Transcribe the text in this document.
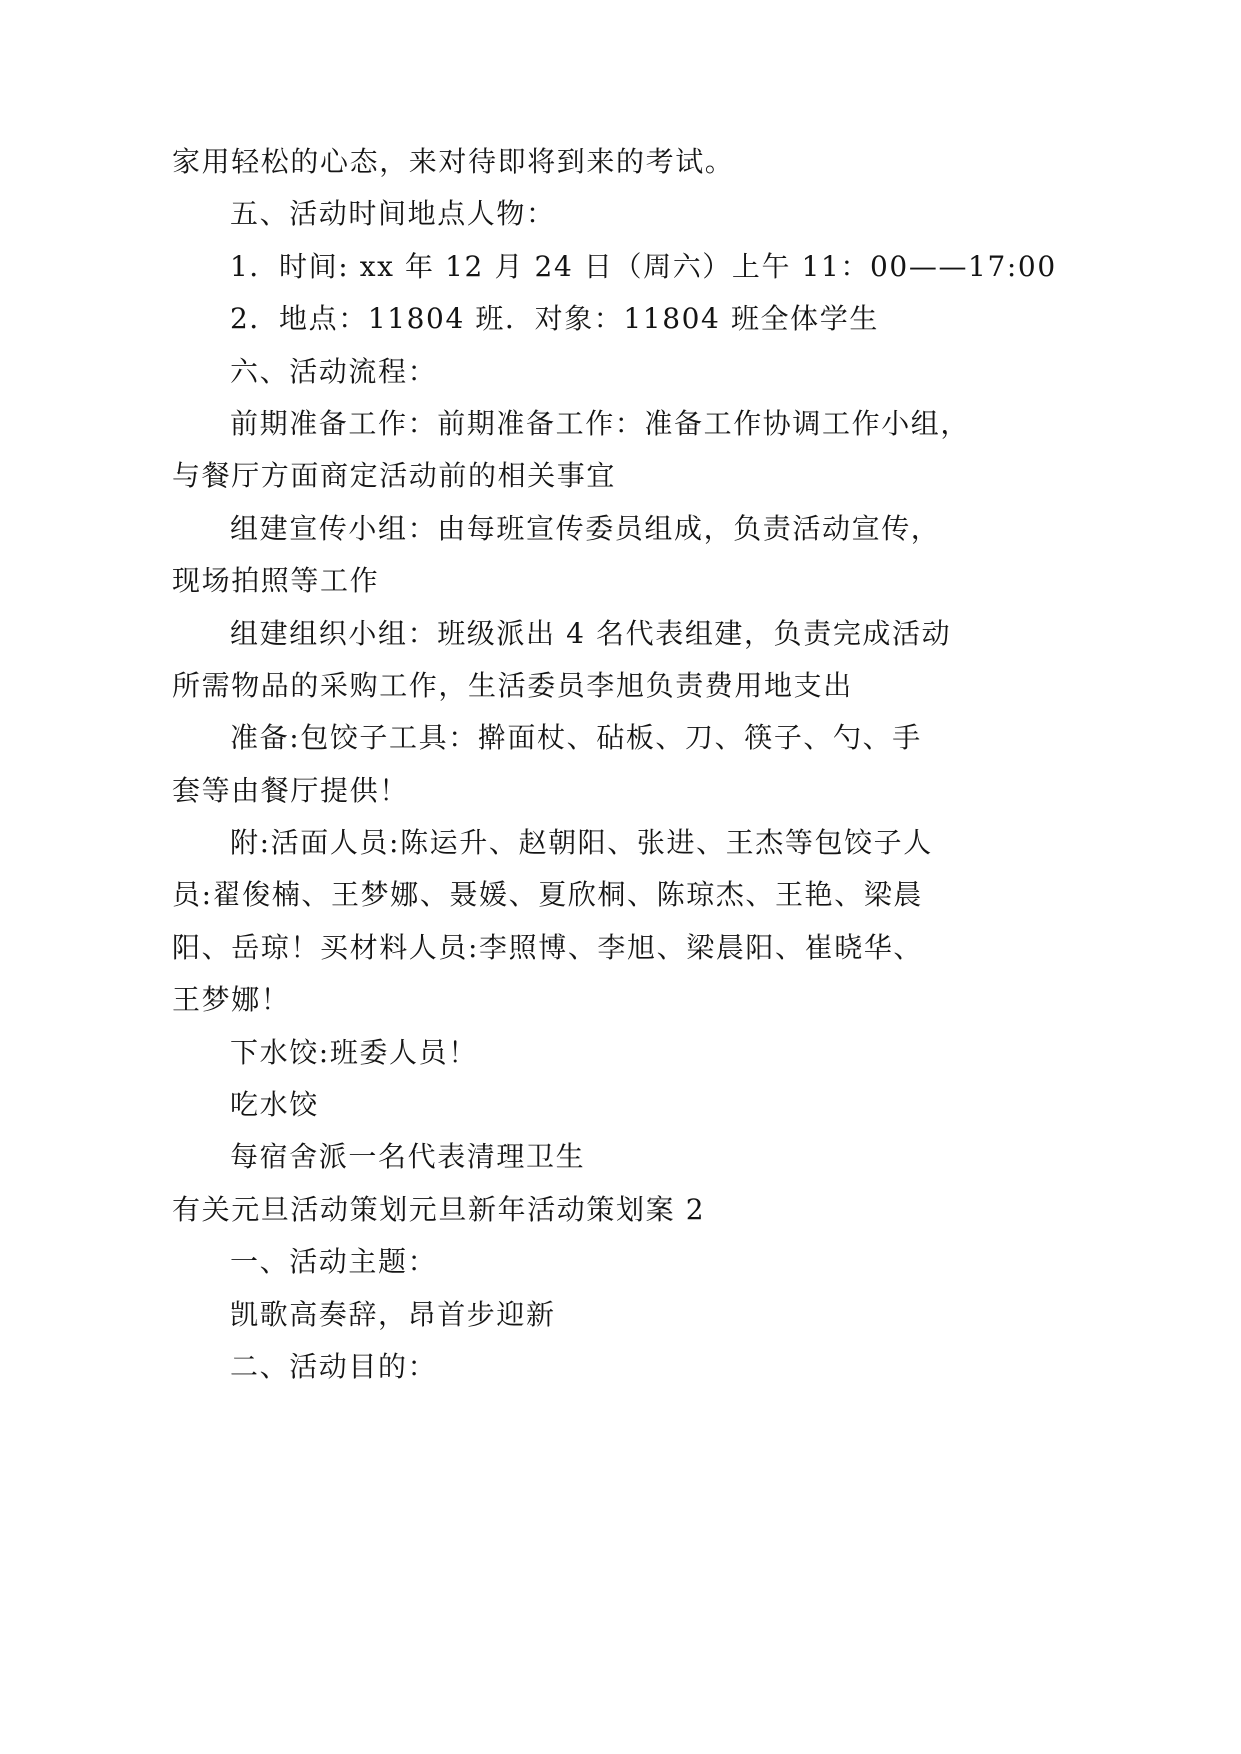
家用轻松的心态，来对待即将到来的考试。
五、活动时间地点人物：
1．时间: xx 年 12 月 24 日（周六）上午 11：00——17:00
2．地点：11804 班．对象：11804 班全体学生
六、活动流程：
前期准备工作：前期准备工作：准备工作协调工作小组，
与餐厅方面商定活动前的相关事宜
组建宣传小组：由每班宣传委员组成，负责活动宣传，
现场拍照等工作
组建组织小组：班级派出 4 名代表组建，负责完成活动
所需物品的采购工作，生活委员李旭负责费用地支出
准备:包饺子工具：擀面杖、砧板、刀、筷子、勺、手
套等由餐厅提供！
附:活面人员:陈运升、赵朝阳、张进、王杰等包饺子人
员:翟俊楠、王梦娜、聂媛、夏欣桐、陈琼杰、王艳、梁晨
阳、岳琼！买材料人员:李照博、李旭、梁晨阳、崔晓华、
王梦娜！
下水饺:班委人员！
吃水饺
每宿舍派一名代表清理卫生
有关元旦活动策划元旦新年活动策划案 2
一、活动主题：
凯歌高奏辞，昂首步迎新
二、活动目的：
